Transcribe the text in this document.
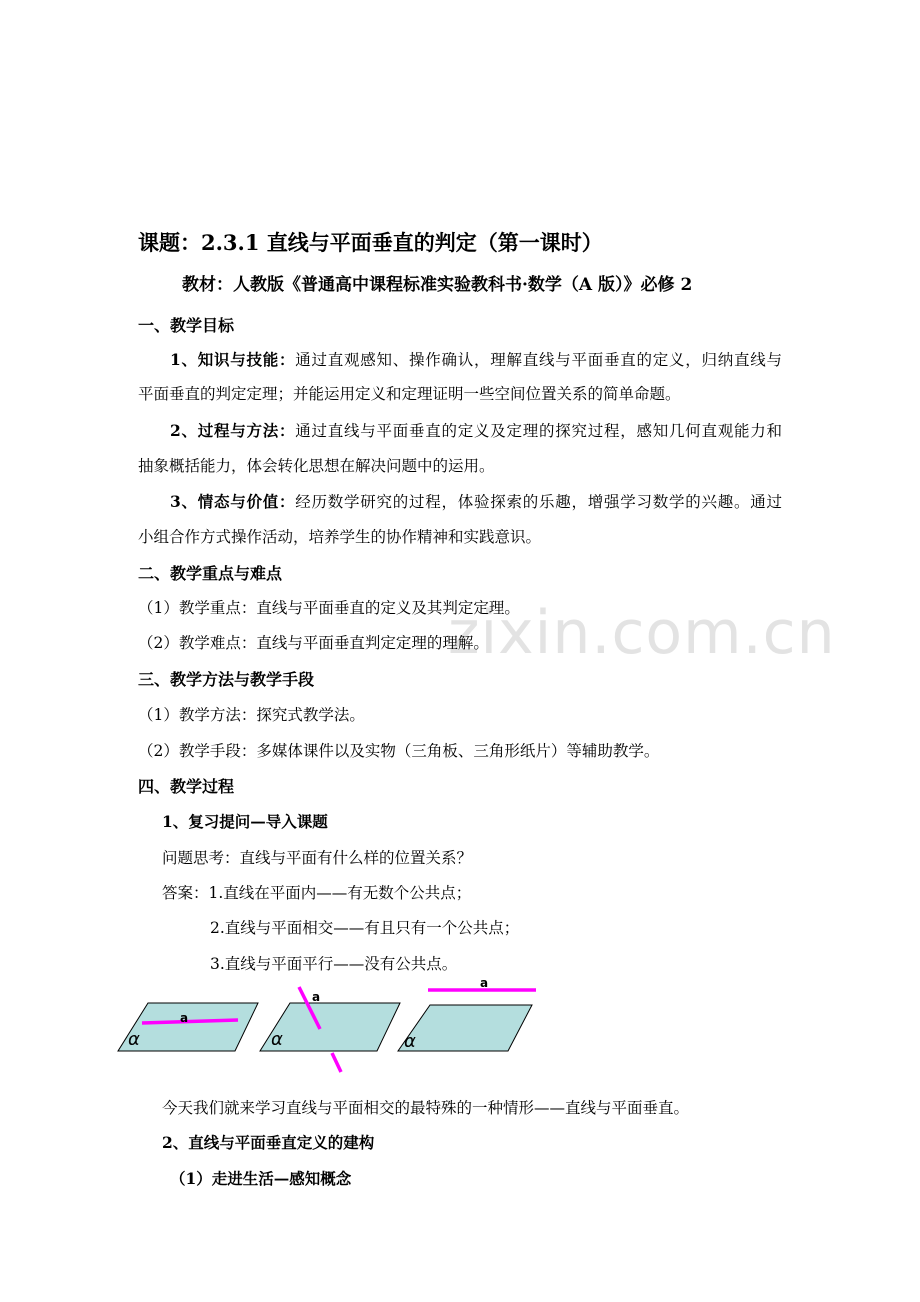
zixin.com.cn
课题：2.3.1 直线与平面垂直的判定（第一课时）
教材：人教版《普通高中课程标准实验教科书·数学（A 版）》必修 2
一、教学目标
1、知识与技能：通过直观感知、操作确认，理解直线与平面垂直的定义，归纳直线与
平面垂直的判定定理；并能运用定义和定理证明一些空间位置关系的简单命题。
2、过程与方法：通过直线与平面垂直的定义及定理的探究过程，感知几何直观能力和
抽象概括能力，体会转化思想在解决问题中的运用。
3、情态与价值：经历数学研究的过程，体验探索的乐趣，增强学习数学的兴趣。通过
小组合作方式操作活动，培养学生的协作精神和实践意识。
二、教学重点与难点
（1）教学重点：直线与平面垂直的定义及其判定定理。
（2）教学难点：直线与平面垂直判定定理的理解。
三、教学方法与教学手段
（1）教学方法：探究式教学法。
（2）教学手段：多媒体课件以及实物（三角板、三角形纸片）等辅助教学。
四、教学过程
1、复习提问—导入课题
问题思考：直线与平面有什么样的位置关系？
答案：1.直线在平面内——有无数个公共点；
2.直线与平面相交——有且只有一个公共点；
3.直线与平面平行——没有公共点。
a
α
a
α
a
α
今天我们就来学习直线与平面相交的最特殊的一种情形——直线与平面垂直。
2、直线与平面垂直定义的建构
（1）走进生活—感知概念
